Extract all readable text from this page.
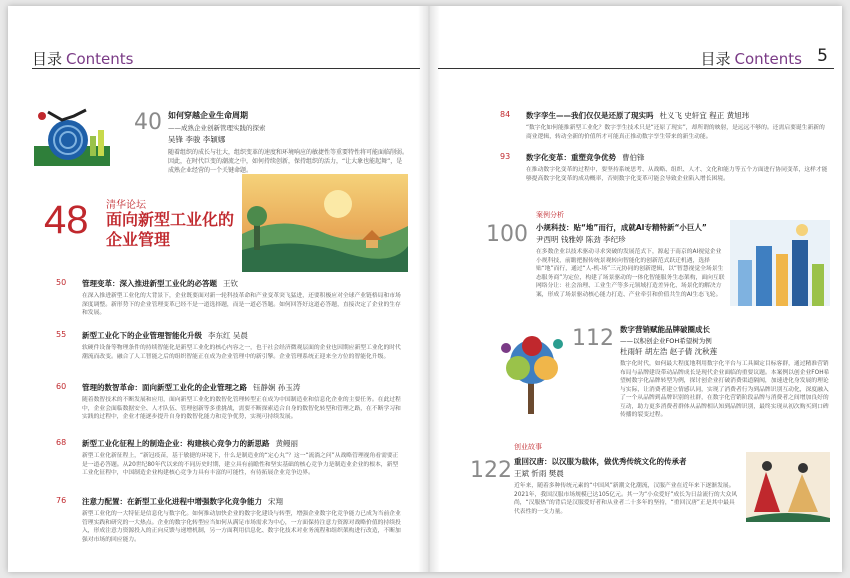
目录 Contents
40 如何穿越企业生命周期
——成熟企业创新管理实践的探索
吴锋 李骏 李颖娜
随着组织的成长与壮大，组织变革的速度和环境响应的敏捷性等重要特性将可能面临削弱。因此，在时代巨变的潮流之中，如何持续创新，保持组织的活力，“让大象也能起舞”，是成熟企业经营的一个关键命题。
48 清华论坛
面向新型工业化的企业管理
50 管理变革：深入推进新型工业化的必答题 王钦
在深入推进新型工业化的大背景下，企业既要面对新一轮科技革命和产业变革突飞猛进，还要积极应对全球产业链格局和市场深度调整。新形势下的企业管理变革已经不是一道选择题，而是一道必答题。如何回答好这道必答题，直接决定了企业的生存和发展。
55 新型工业化下的企业管理智能化升级 李东红 吴晨
软硬件设备等物理条件的持续智能化是新型工业化的核心内容之一，也于社会经济微观层面的企业也因期应新型工业化的时代潮流而改变。融合了人工智能之后的组织智能正在成为企业管理中的新引擎。企业管理系统正迎来全方位的智能化升级。
60 管理的数智革命：面向新型工业化的企业管理之路 钰静娴 孙玉涛
随着数智技术的不断发展和应用，面向新型工业化的数智化管理转型正在成为中国制造业和信息化企业的主要任务。在此过程中，企业会面临数据安全、人才队伍、管理创新等多重挑战，需要不断探索适合自身的数智化转型和管理之路，在不断学习和实践的过程中，企业才能逐步提升自身的数智化能力和竞争优势，实现可持续发展。
68 新型工业化征程上的制造企业：构建核心竞争力的新思路 黄鳗丽
新型工业化新征程上，“新冠疫苗，基于敏捷的环境下，什么是制造业的“定心丸”？这一“流淌之问”从战略管理视角看需要正是一道必答题。从20世纪80年代以来的不同历史时期，建立具有前瞻性和坚实基础的核心竞争力是制造业企业的根本，新型工业化征程中，中国制造企业构建核心竞争力具有丰富的可能性，有待拓展企业竞争边界。
76 注意力配置：在新型工业化进程中增强数字化竞争能力 宋翔
新型工业化的一大特征是信息化与数字化。如何推动加快企业的数字化建设与转型，增强企业数字化竞争能力已成为当前企业管理实践和研究的一大热点。企业的数字化转型应当如何从满足市场需求为中心，一方面保持注意力资源对战略价值的持续投入，形成注意力资源投入的正向反馈与递增机制，另一方面利用信息化、数字化技术对业务流程和组织架构进行改造，不断加强对市场的回应能力。
目录 Contents 5
84 数字孪生——我们仅仅是还原了现实吗 杜义飞 史轩宜 程正 黄旭玮
“数字化如何能推新型工业化？数字孪生技术只是“还原了现实”，却所谓的映射，是远远不够的。还需启要诞生新新的商业逻辑，转动全新的价值所才可能真正推动数字孪生带来的新生动能。
93 数字化变革：重塑竞争优势 曹伯锋
在推动数字化变革的过程中，要坚持系统思考、从战略、组织、人才、文化和能力等五个方面进行协同变革，这样才能够提高数字化变革的成功概率，否则数字化变革可能会导致企业陷入增长困境。
案例分析
100 小规科技：贴“地”而行，成就AI专精特新“小巨人”
尹西明 钱雅婷 陈劲 李纪珍
在多数企业以技术驱动寻求突破的发展范式下，源起于南京的AI视觉企业小规科技，前瞻把握传统景观转向智能化的创新范式跃迁机遇，选择贴“地”而行，通过“人-机-场”三元协同的创新逻辑，以“智慧视觉全场景生态服务商”为定位，构建了场景驱动的一体化智能服务生态架构，面向互联网络分让：社会治理、工业生产等多元领域打造差异化、场景化的解决方案，形成了场景驱动核心能力打造、产业牵引和价值共生的AI生态飞轮。
112 数字营销赋能品牌破圈成长
——以积创企业FOH希望树为例
杜雨轩 胡左浩 赵子倩 沈秋莲
数字化时代，如何最大程度地利用数字化平台与工具圈定目标客群，通过精准营销布局与品牌建设带动品牌成长是现代企业面临的重要议题。本案例以创企业FOH希望树数字化品牌转型为例，探讨创企业打破消费渠道隔阂，加速进化身发展的理论与实际，让消费者建立情感认同，实现了消费者行为到品牌识别互动化，深度融入了一个从品牌到品牌识别的社群，在数字化营销阶段品牌与消费者之间增加良好的互动，助力更多消费者群体从品牌相认知到品牌识别，最终实现从初次购买到口碑传播的裂变过程。
创业故事
122 重回汉唐：以汉服为载体，做优秀传统文化的传承者
王斌 忻雨 樊晨
近年来，随着多种传统元素的“中国风”新潮文化潮流，汉服产业在近年来下逐渐发展。2021年，我国汉服市场规模已达105亿元。其一为“小众爱好”成长为日益流行的大众风尚，“汉服热”的背后是汉服爱好者和从业者二十多年的坚持，“重回汉唐”正是其中最具代表性的一支力量。
